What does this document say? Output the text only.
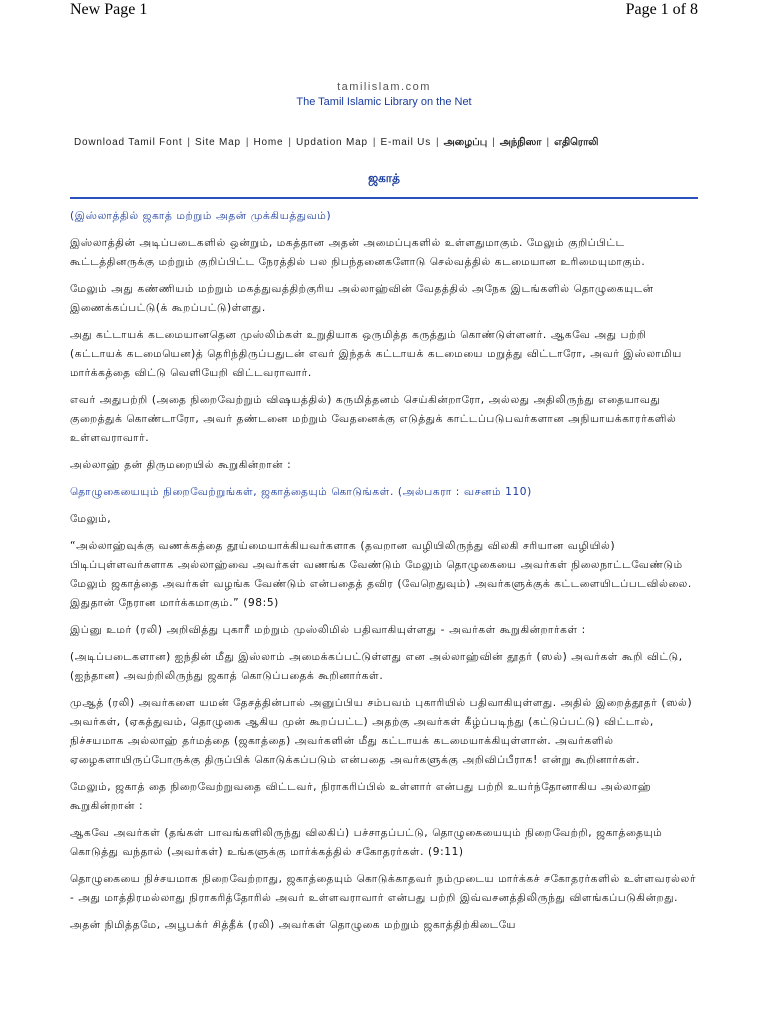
New Page 1	Page 1 of 8
tamilislam.com
The Tamil Islamic Library on the Net
Download Tamil Font | Site Map | Home | Updation Map | E-mail Us | அழைப்பு | அந்நிஸா | எதிரொலி
ஜகாத்

(இஸ்லாத்தில் ஜகாத் மற்றும் அதன் முக்கியத்துவம்)

இஸ்லாத்தின் அடிப்படைகளில் ஒன்றும், மகத்தான அதன் அமைப்புகளில் உள்ளதுமாகும். மேலும் குறிப்பிட்ட கூட்டத்தினருக்கு மற்றும் குறிப்பிட்ட நேரத்தில் பல நிபந்தனைகளோடு செல்வத்தில் கடமையான உரிமையுமாகும்.

மேலும் அது கண்ணியம் மற்றும் மகத்துவத்திற்குரிய அல்லாஹ்வின் வேதத்தில் அநேக இடங்களில் தொழுகையுடன் இணைக்கப்பட்டு(க் கூறப்பட்டு)ள்ளது.

அது கட்டாயக் கடமையானதென முஸ்லிம்கள் உறுதியாக ஒருமித்த கருத்தும் கொண்டுள்ளனர். ஆகவே அது பற்றி (கட்டாயக் கடமையென)த் தெரிந்திருப்பதுடன் எவர் இந்தக் கட்டாயக் கடமையை மறுத்து விட்டாரோ, அவர் இஸ்லாமிய மார்க்கத்தை விட்டு வெளியேறி விட்டவராவார்.

எவர் அதுபற்றி (அதை நிறைவேற்றும் விஷயத்தில்) கருமித்தனம் செய்கின்றாரோ, அல்லது அதிலிருந்து எதையாவது குறைத்துக் கொண்டாரோ, அவர் தண்டனை மற்றும் வேதனைக்கு எடுத்துக் காட்டப்படுபவர்களான அநியாயக்காரர்களில் உள்ளவராவார்.

அல்லாஹ் தன் திருமறையில் கூறுகின்றான் :

தொழுகையையும் நிறைவேற்றுங்கள், ஜகாத்தையும் கொடுங்கள். (அல்பகரா : வசனம் 110)

மேலும்,

“அல்லாஹ்வுக்கு வணக்கத்தை தூய்மையாக்கியவர்களாக (தவறான வழியிலிருந்து விலகி சரியான வழியில்) பிடிப்புள்ளவர்களாக அல்லாஹ்வை அவர்கள் வணங்க வேண்டும் மேலும் தொழுகையை அவர்கள் நிலைநாட்டவேண்டும் மேலும் ஜகாத்தை அவர்கள் வழங்க வேண்டும் என்பதைத் தவிர (வேறெதுவும்) அவர்களுக்குக் கட்டளையிடப்படவில்லை. இதுதான் நேரான மார்க்கமாகும்.” (98:5)

இப்னு உமர் (ரலி) அறிவித்து புகாரீ மற்றும் முஸ்லிமில் பதிவாகியுள்ளது - அவர்கள் கூறுகின்றார்கள் :

(அடிப்படைகளான) ஐந்தின் மீது இஸ்லாம் அமைக்கப்பட்டுள்ளது என அல்லாஹ்வின் தூதர் (ஸல்) அவர்கள் கூறி விட்டு, (ஐந்தான) அவற்றிலிருந்து ஜகாத் கொடுப்பதைக் கூறினார்கள்.

முஆத் (ரலி) அவர்களை யமன் தேசத்தின்பால் அனுப்பிய சம்பவம் புகாரியில் பதிவாகியுள்ளது. அதில் இறைத்தூதர் (ஸல்) அவர்கள், (ஏகத்துவம், தொழுகை ஆகிய முன் கூறப்பட்ட) அதற்கு அவர்கள் கீழ்ப்படிந்து (கட்டுப்பட்டு) விட்டால், நிச்சயமாக அல்லாஹ் தர்மத்தை (ஜகாத்தை) அவர்களின் மீது கட்டாயக் கடமையாக்கியுள்ளான். அவர்களில் ஏழைகளாயிருப்போருக்கு திருப்பிக் கொடுக்கப்படும் என்பதை அவர்களுக்கு அறிவிப்பீராக! என்று கூறினார்கள்.

மேலும், ஜகாத் தை நிறைவேற்றுவதை விட்டவர், நிராகரிப்பில் உள்ளார் என்பது பற்றி உயர்ந்தோனாகிய அல்லாஹ் கூறுகின்றான் :

ஆகவே அவர்கள் (தங்கள் பாவங்களிலிருந்து விலகிப்) பச்சாதப்பட்டு, தொழுகையையும் நிறைவேற்றி, ஜகாத்தையும் கொடுத்து வந்தால் (அவர்கள்) உங்களுக்கு மார்க்கத்தில் சகோதரர்கள். (9:11)

தொழுகையை நிச்சயமாக நிறைவேற்றாது, ஜகாத்தையும் கொடுக்காதவர் நம்முடைய மார்க்கச் சகோதரர்களில் உள்ளவரல்லர் - அது மாத்திரமல்லாது நிராகரித்தோரில் அவர் உள்ளவராவார் என்பது பற்றி இவ்வசனத்திலிருந்து விளங்கப்படுகின்றது.

அதன் நிமித்தமே, அபூபக்ர் சித்தீக் (ரலி) அவர்கள் தொழுகை மற்றும் ஜகாத்திற்கிடையே
